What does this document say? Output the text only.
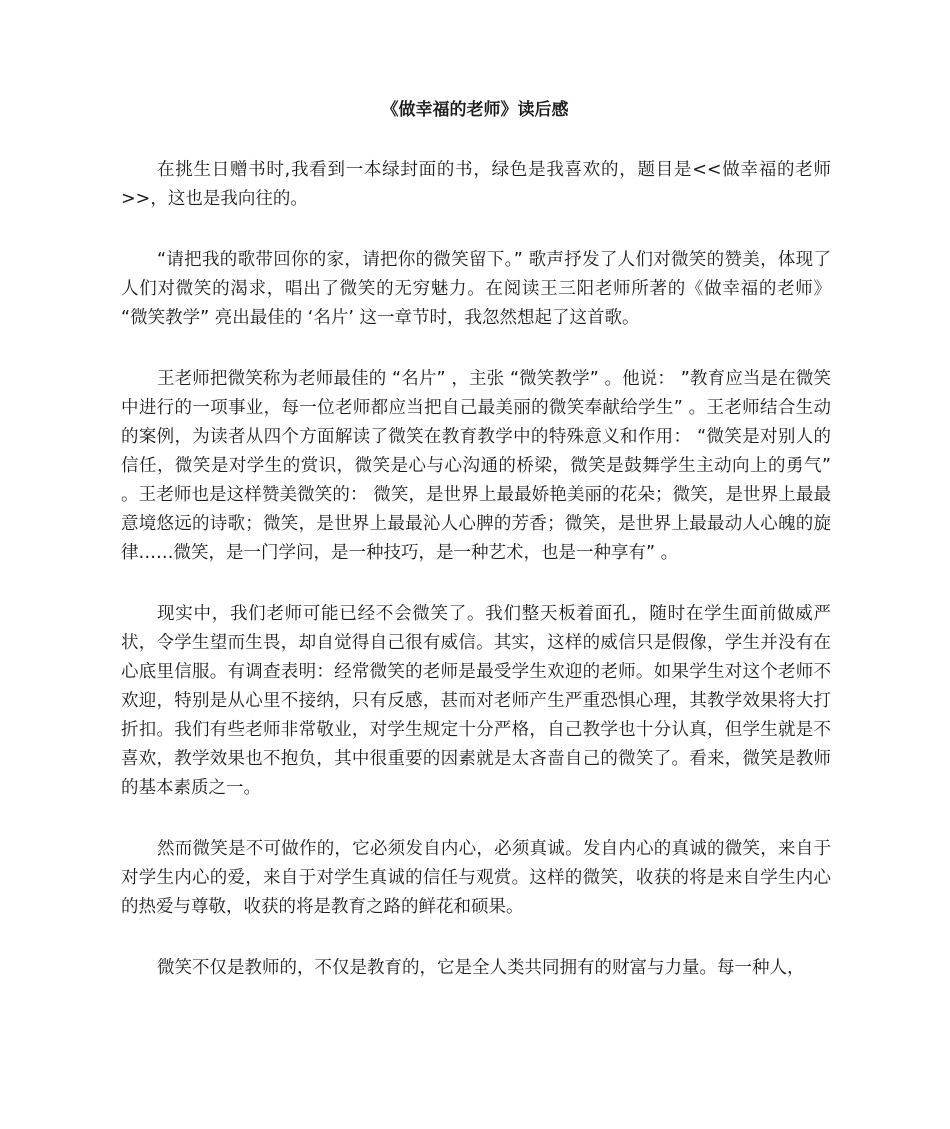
《做幸福的老师》读后感

在挑生日赠书时,我看到一本绿封面的书，绿色是我喜欢的，题目是<<做幸福的老师>>，这也是我向往的。

“请把我的歌带回你的家，请把你的微笑留下。” 歌声抒发了人们对微笑的赞美，体现了人们对微笑的渴求，唱出了微笑的无穷魅力。在阅读王三阳老师所著的《做幸福的老师》 “微笑教学” 亮出最佳的 ‘名片’ 这一章节时，我忽然想起了这首歌。

王老师把微笑称为老师最佳的 “名片” ，主张 “微笑教学” 。他说： ”教育应当是在微笑中进行的一项事业，每一位老师都应当把自己最美丽的微笑奉献给学生” 。王老师结合生动的案例，为读者从四个方面解读了微笑在教育教学中的特殊意义和作用： “微笑是对别人的信任，微笑是对学生的赏识，微笑是心与心沟通的桥梁，微笑是鼓舞学生主动向上的勇气” 。王老师也是这样赞美微笑的： 微笑，是世界上最最娇艳美丽的花朵；微笑，是世界上最最意境悠远的诗歌；微笑，是世界上最最沁人心脾的芳香；微笑，是世界上最最动人心魄的旋律……微笑，是一门学问，是一种技巧，是一种艺术，也是一种享有” 。

现实中，我们老师可能已经不会微笑了。我们整天板着面孔，随时在学生面前做威严状，令学生望而生畏，却自觉得自己很有威信。其实，这样的威信只是假像，学生并没有在心底里信服。有调查表明：经常微笑的老师是最受学生欢迎的老师。如果学生对这个老师不欢迎，特别是从心里不接纳，只有反感，甚而对老师产生严重恐惧心理，其教学效果将大打折扣。我们有些老师非常敬业，对学生规定十分严格，自己教学也十分认真，但学生就是不喜欢，教学效果也不抱负，其中很重要的因素就是太吝啬自己的微笑了。看来，微笑是教师的基本素质之一。

然而微笑是不可做作的，它必须发自内心，必须真诚。发自内心的真诚的微笑，来自于对学生内心的爱，来自于对学生真诚的信任与观赏。这样的微笑，收获的将是来自学生内心的热爱与尊敬，收获的将是教育之路的鲜花和硕果。

微笑不仅是教师的，不仅是教育的，它是全人类共同拥有的财富与力量。每一种人，
